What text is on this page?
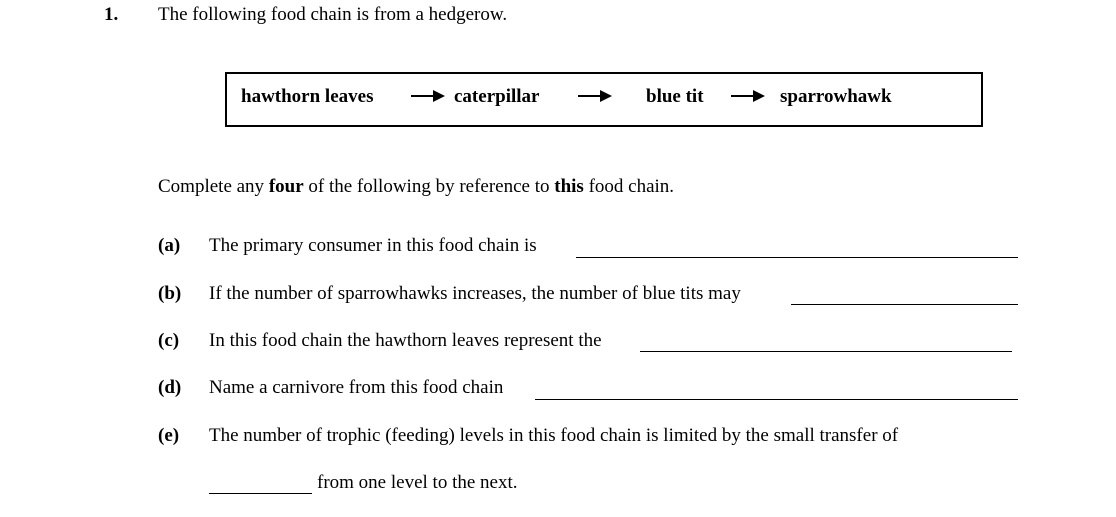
1. The following food chain is from a hedgerow.
hawthorn leaves	caterpillar	blue tit	sparrowhawk
Complete any four of the following by reference to this food chain.
(a) The primary consumer in this food chain is
(b) If the number of sparrowhawks increases, the number of blue tits may
(c) In this food chain the hawthorn leaves represent the
(d) Name a carnivore from this food chain
(e) The number of trophic (feeding) levels in this food chain is limited by the small transfer of
from one level to the next.
